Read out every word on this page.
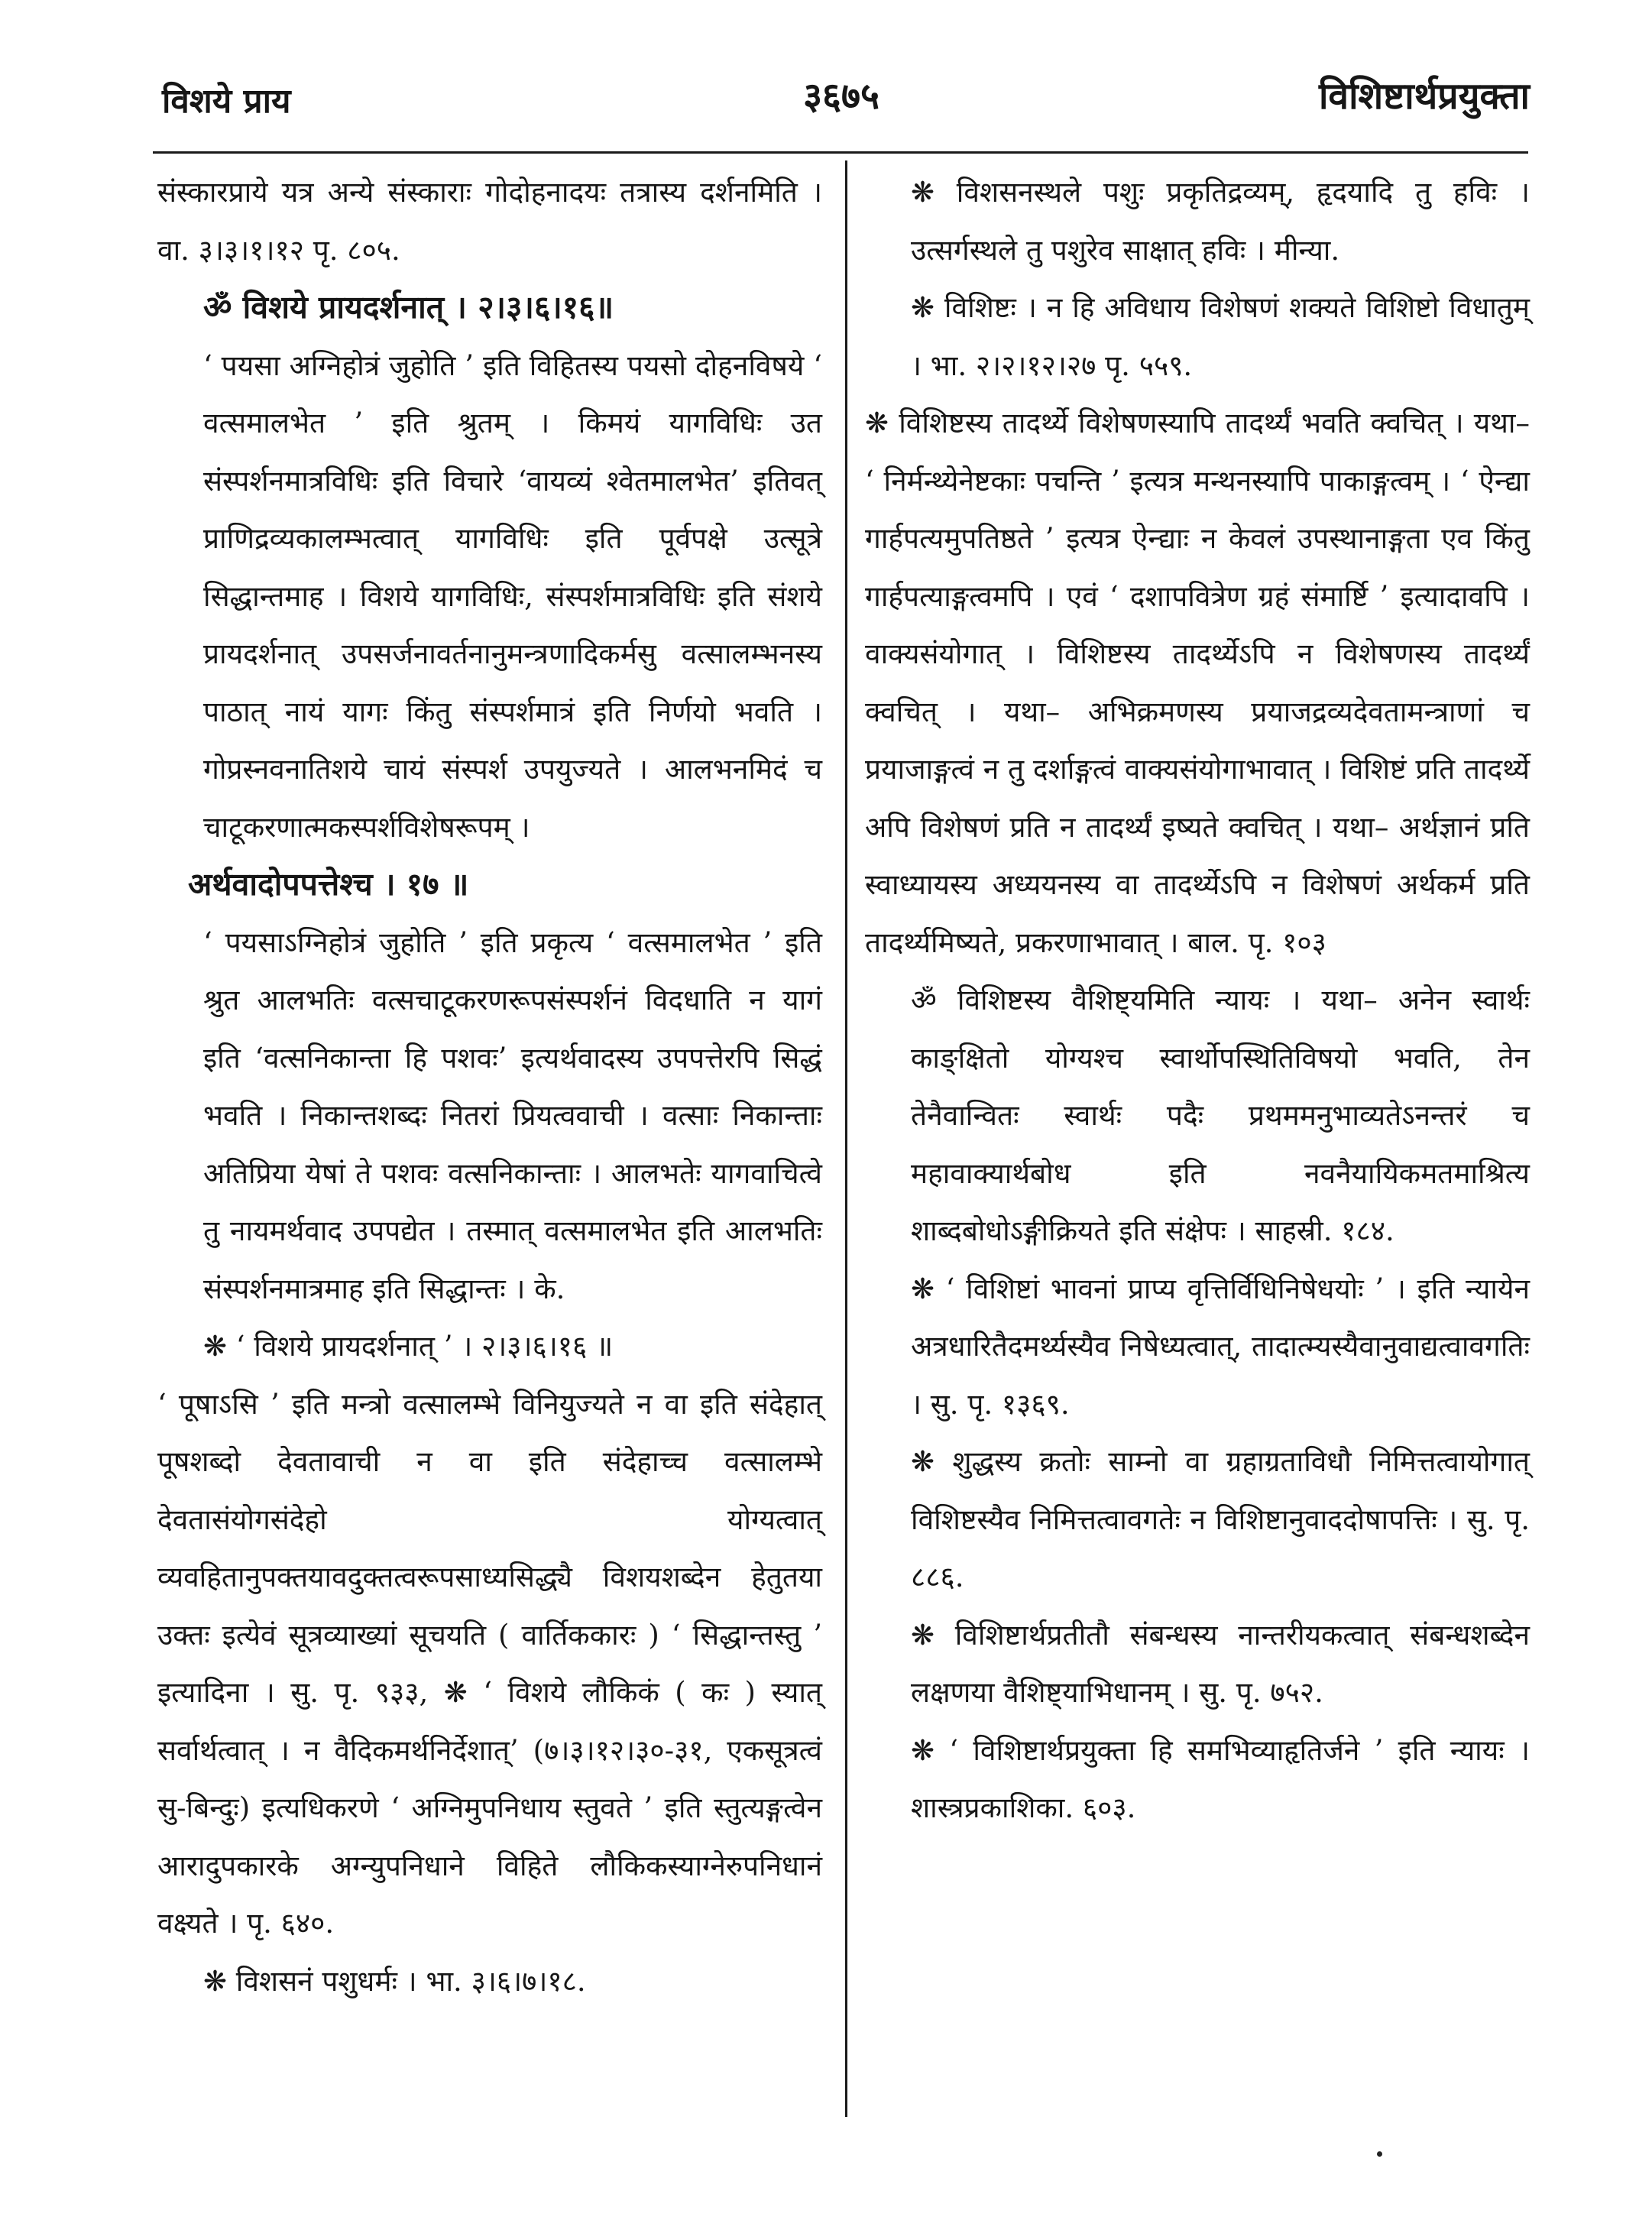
विशये प्राय	३६७५	विशिष्टार्थप्रयुक्ता

संस्कारप्राये यत्र अन्ये संस्काराः गोदोहनादयः तत्रास्य दर्शनमिति । वा. ३।३।१।१२ पृ. ८०५.

ॐ विशये प्रायदर्शनात् । २।३।६।१६॥

‘ पयसा अग्निहोत्रं जुहोति ’ इति विहितस्य पयसो दोहनविषये ‘ वत्समालभेत ’ इति श्रुतम् । किमयं यागविधिः उत संस्पर्शनमात्रविधिः इति विचारे ‘वायव्यं श्वेतमालभेत’ इतिवत् प्राणिद्रव्यकालम्भत्वात् यागविधिः इति पूर्वपक्षे उत्सूत्रे सिद्धान्तमाह । विशये यागविधिः, संस्पर्शमात्रविधिः इति संशये प्रायदर्शनात् उपसर्जनावर्तनानुमन्त्रणादिकर्मसु वत्सालम्भनस्य पाठात् नायं यागः किंतु संस्पर्शमात्रं इति निर्णयो भवति । गोप्रस्नवनातिशये चायं संस्पर्श उपयुज्यते । आलभनमिदं च चाटूकरणात्मकस्पर्शविशेषरूपम् ।

अर्थवादोपपत्तेश्च । १७ ॥

‘ पयसाऽग्निहोत्रं जुहोति ’ इति प्रकृत्य ‘ वत्समालभेत ’ इति श्रुत आलभतिः वत्सचाटूकरणरूपसंस्पर्शनं विदधाति न यागं इति ‘वत्सनिकान्ता हि पशवः’ इत्यर्थवादस्य उपपत्तेरपि सिद्धं भवति । निकान्तशब्दः नितरां प्रियत्ववाची । वत्साः निकान्ताः अतिप्रिया येषां ते पशवः वत्सनिकान्ताः । आलभतेः यागवाचित्वे तु नायमर्थवाद उपपद्येत । तस्मात् वत्समालभेत इति आलभतिः संस्पर्शनमात्रमाह इति सिद्धान्तः । के.

❋ ‘ विशये प्रायदर्शनात् ’ । २।३।६।१६ ॥

‘ पूषाऽसि ’ इति मन्त्रो वत्सालम्भे विनियुज्यते न वा इति संदेहात् पूषशब्दो देवतावाची न वा इति संदेहाच्च वत्सालम्भे देवतासंयोगसंदेहो योग्यत्वात् व्यवहितानुपक्तयावदुक्तत्वरूपसाध्यसिद्ध्यै विशयशब्देन हेतुतया उक्तः इत्येवं सूत्रव्याख्यां सूचयति ( वार्तिककारः ) ‘ सिद्धान्तस्तु ’ इत्यादिना । सु. पृ. ९३३, ❋ ‘ विशये लौकिकं ( कः ) स्यात् सर्वार्थत्वात् । न वैदिकमर्थनिर्देशात्’ (७।३।१२।३०-३१, एकसूत्रत्वं सु-बिन्दुः) इत्यधिकरणे ‘ अग्निमुपनिधाय स्तुवते ’ इति स्तुत्यङ्गत्वेन आरादुपकारके अग्न्युपनिधाने विहिते लौकिकस्याग्नेरुपनिधानं वक्ष्यते । पृ. ६४०.

❋ विशसनं पशुधर्मः । भा. ३।६।७।१८.

❋ विशसनस्थले पशुः प्रकृतिद्रव्यम्, हृदयादि तु हविः । उत्सर्गस्थले तु पशुरेव साक्षात् हविः । मीन्या.

❋ विशिष्टः । न हि अविधाय विशेषणं शक्यते विशिष्टो विधातुम् । भा. २।२।१२।२७ पृ. ५५९.

❋ विशिष्टस्य तादर्थ्ये विशेषणस्यापि तादर्थ्यं भवति क्वचित् । यथा– ‘ निर्मन्थ्येनेष्टकाः पचन्ति ’ इत्यत्र मन्थनस्यापि पाकाङ्गत्वम् । ‘ ऐन्द्या गार्हपत्यमुपतिष्ठते ’ इत्यत्र ऐन्द्याः न केवलं उपस्थानाङ्गता एव किंतु गार्हपत्याङ्गत्वमपि । एवं ‘ दशापवित्रेण ग्रहं संमार्ष्टि ’ इत्यादावपि । वाक्यसंयोगात् । विशिष्टस्य तादर्थ्येऽपि न विशेषणस्य तादर्थ्यं क्वचित् । यथा– अभिक्रमणस्य प्रयाजद्रव्यदेवतामन्त्राणां च प्रयाजाङ्गत्वं न तु दर्शाङ्गत्वं वाक्यसंयोगाभावात् । विशिष्टं प्रति तादर्थ्ये अपि विशेषणं प्रति न तादर्थ्यं इष्यते क्वचित् । यथा– अर्थज्ञानं प्रति स्वाध्यायस्य अध्ययनस्य वा तादर्थ्येऽपि न विशेषणं अर्थकर्म प्रति तादर्थ्यमिष्यते, प्रकरणाभावात् । बाल. पृ. १०३

ॐ विशिष्टस्य वैशिष्ट्यमिति न्यायः । यथा– अनेन स्वार्थः काङ्क्षितो योग्यश्च स्वार्थोपस्थितिविषयो भवति, तेन तेनैवान्वितः स्वार्थः पदैः प्रथममनुभाव्यतेऽनन्तरं च महावाक्यार्थबोध इति नवनैयायिकमतमाश्रित्य शाब्दबोधोऽङ्गीक्रियते इति संक्षेपः । साहस्री. १८४.

❋ ‘ विशिष्टां भावनां प्राप्य वृत्तिर्विधिनिषेधयोः ’ । इति न्यायेन अत्रधारितैदमर्थ्यस्यैव निषेध्यत्वात्, तादात्म्यस्यैवानुवाद्यत्वावगतिः । सु. पृ. १३६९.

❋ शुद्धस्य क्रतोः साम्नो वा ग्रहाग्रताविधौ निमित्तत्वायोगात् विशिष्टस्यैव निमित्तत्वावगतेः न विशिष्टानुवाददोषापत्तिः । सु. पृ. ८८६.

❋ विशिष्टार्थप्रतीतौ संबन्धस्य नान्तरीयकत्वात् संबन्धशब्देन लक्षणया वैशिष्ट्याभिधानम् । सु. पृ. ७५२.

❋ ‘ विशिष्टार्थप्रयुक्ता हि समभिव्याहृतिर्जने ’ इति न्यायः । शास्त्रप्रकाशिका. ६०३.
